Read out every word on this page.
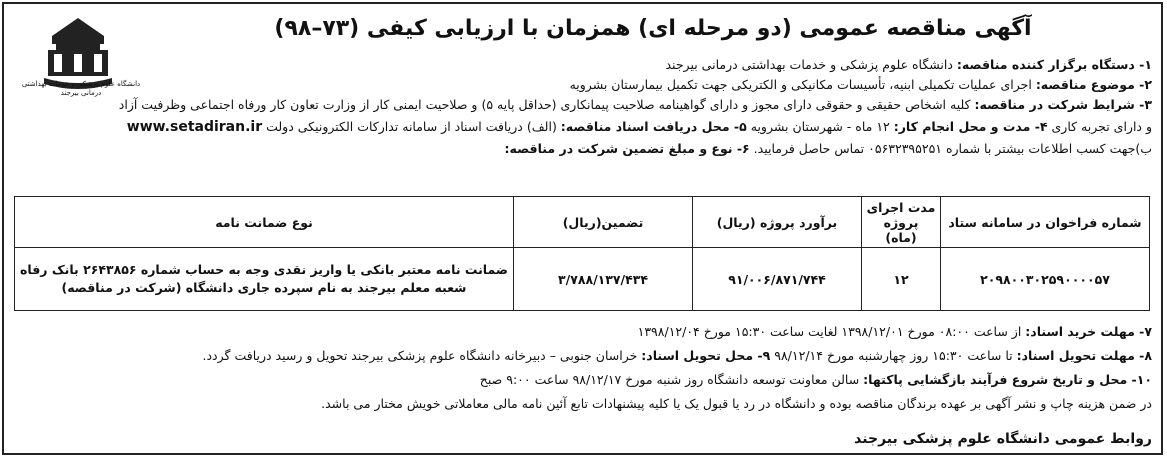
دانشگاه علوم پزشکی و خدمات بهداشتی درمانی بیرجند
آگهی مناقصه عمومی (دو مرحله ای) همزمان با ارزیابی کیفی (۷۳–۹۸)
۱- دستگاه برگزار کننده مناقصه: دانشگاه علوم پزشکی و خدمات بهداشتی درمانی بیرجند
۲- موضوع مناقصه: اجرای عملیات تکمیلی ابنیه، تأسیسات مکانیکی و الکتریکی جهت تکمیل بیمارستان بشرویه
۳- شرایط شرکت در مناقصه: کلیه اشخاص حقیقی و حقوقی دارای مجوز و دارای گواهینامه صلاحیت پیمانکاری (حداقل پایه ۵) و صلاحیت ایمنی کار از وزارت تعاون کار ورفاه اجتماعی وظرفیت آزاد
و دارای تجربه کاری ۴- مدت و محل انجام کار: ۱۲ ماه - شهرستان بشرویه ۵- محل دریافت اسناد مناقصه: (الف) دریافت اسناد از سامانه تدارکات الکترونیکی دولت www.setadiran.ir
ب)جهت کسب اطلاعات بیشتر با شماره ۰۵۶۳۲۳۹۵۲۵۱ تماس حاصل فرمایید. ۶- نوع و مبلغ تضمین شرکت در مناقصه:
شماره فراخوان در سامانه ستاد	مدت اجرای پروژه (ماه)	برآورد پروژه (ریال)	تضمین(ریال)	نوع ضمانت نامه
۲۰۹۸۰۰۳۰۲۵۹۰۰۰۰۵۷	۱۲	۹۱/۰۰۶/۸۷۱/۷۴۴	۳/۷۸۸/۱۳۷/۴۳۴	ضمانت نامه معتبر بانکی یا واریز نقدی وجه به حساب شماره ۲۶۴۳۸۵۶ بانک رفاه شعبه معلم بیرجند به نام سپرده جاری دانشگاه (شرکت در مناقصه)
۷- مهلت خرید اسناد: از ساعت ۰۸:۰۰ مورخ ۱۳۹۸/۱۲/۰۱ لغایت ساعت ۱۵:۳۰ مورخ ۱۳۹۸/۱۲/۰۴
۸- مهلت تحویل اسناد: تا ساعت ۱۵:۳۰ روز چهارشنبه مورخ ۹۸/۱۲/۱۴ ۹- محل تحویل اسناد: خراسان جنوبی – دبیرخانه دانشگاه علوم پزشکی بیرجند تحویل و رسید دریافت گردد.
۱۰- محل و تاریخ شروع فرآیند بازگشایی پاکتها: سالن معاونت توسعه دانشگاه روز شنبه مورخ ۹۸/۱۲/۱۷ ساعت ۹:۰۰ صبح
در ضمن هزینه چاپ و نشر آگهی بر عهده برندگان مناقصه بوده و دانشگاه در رد یا قبول یک یا کلیه پیشنهادات تابع آئین نامه مالی معاملاتی خویش مختار می باشد.
روابط عمومی دانشگاه علوم پزشکی بیرجند
